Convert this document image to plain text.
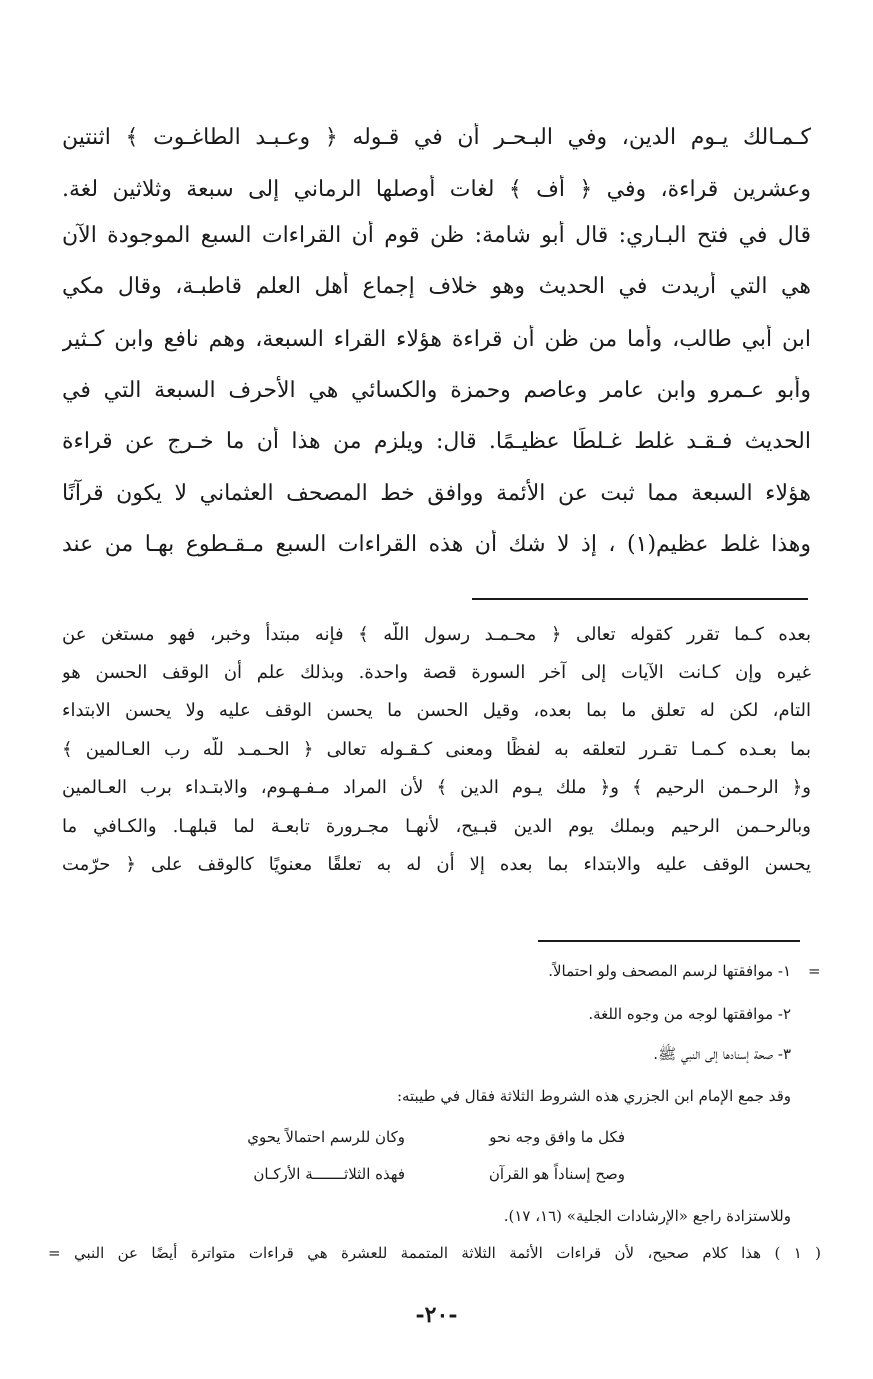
كـمـالك يـوم الدين، وفي البـحـر أن في قـوله ﴿ وعـبـد الطاغـوت ﴾ اثنتين
وعشرين قراءة، وفي ﴿ أف ﴾ لغات أوصلها الرماني إلى سبعة وثلاثين لغة.
قال في فتح البـاري: قال أبو شامة: ظن قوم أن القراءات السبع الموجودة الآن
هي التي أريدت في الحديث وهو خلاف إجماع أهل العلم قاطبـة، وقال مكي
ابن أبي طالب، وأما من ظن أن قراءة هؤلاء القراء السبعة، وهم نافع وابن كـثير
وأبو عـمرو وابن عامر وعاصم وحمزة والكسائي هي الأحرف السبعة التي في
الحديث فـقـد غلط غـلطًا عظيـمًا. قال: ويلزم من هذا أن ما خـرج عن قراءة
هؤلاء السبعة مما ثبت عن الأئمة ووافق خط المصحف العثماني لا يكون قرآنًا
وهذا غلط عظيم(١) ، إذ لا شك أن هذه القراءات السبع مـقـطوع بهـا من عند
بعده كـما تقرر كقوله تعالى ﴿ محـمـد رسول اللّه ﴾ فإنه مبتدأ وخبر، فهو مستغن عن
غيره وإن كـانت الآيات إلى آخر السورة قصة واحدة. وبذلك علم أن الوقف الحسن هو
التام، لكن له تعلق ما بما بعده، وقيل الحسن ما يحسن الوقف عليه ولا يحسن الابتداء
بما بعـده كـمـا تقـرر لتعلقه به لفظًا ومعنى كـقـوله تعالى ﴿ الحـمـد للّه رب العـالمين ﴾
و﴿ الرحـمن الرحيم ﴾ و﴿ ملك يـوم الدين ﴾ لأن المراد مـفـهـوم، والابتـداء برب العـالمين
وبالرحـمن الرحيم وبملك يوم الدين قبـيح، لأنهـا مجـرورة تابعـة لما قبلهـا. والكـافي ما
يحسن الوقف عليه والابتداء بما بعده إلا أن له به تعلقًا معنويًا كالوقف على ﴿ حرّمت
=
١- موافقتها لرسم المصحف ولو احتمالاً.
٢- موافقتها لوجه من وجوه اللغة.
٣- صحة إسنادها إلى النبي ﷺ.
وقد جمع الإمام ابن الجزري هذه الشروط الثلاثة فقال في طيبته:
فكل ما وافق وجه نحو
وكان للرسم احتمالاً يحوي
وصح إسناداً هو القرآن
فهذه الثلاثـــــــة الأركـان
وللاستزادة راجع «الإرشادات الجلية» (١٦، ١٧).
( ١ ) هذا كلام صحيح، لأن قراءات الأئمة الثلاثة المتممة للعشرة هي قراءات متواترة أيضًا عن النبي =
-٢٠-
